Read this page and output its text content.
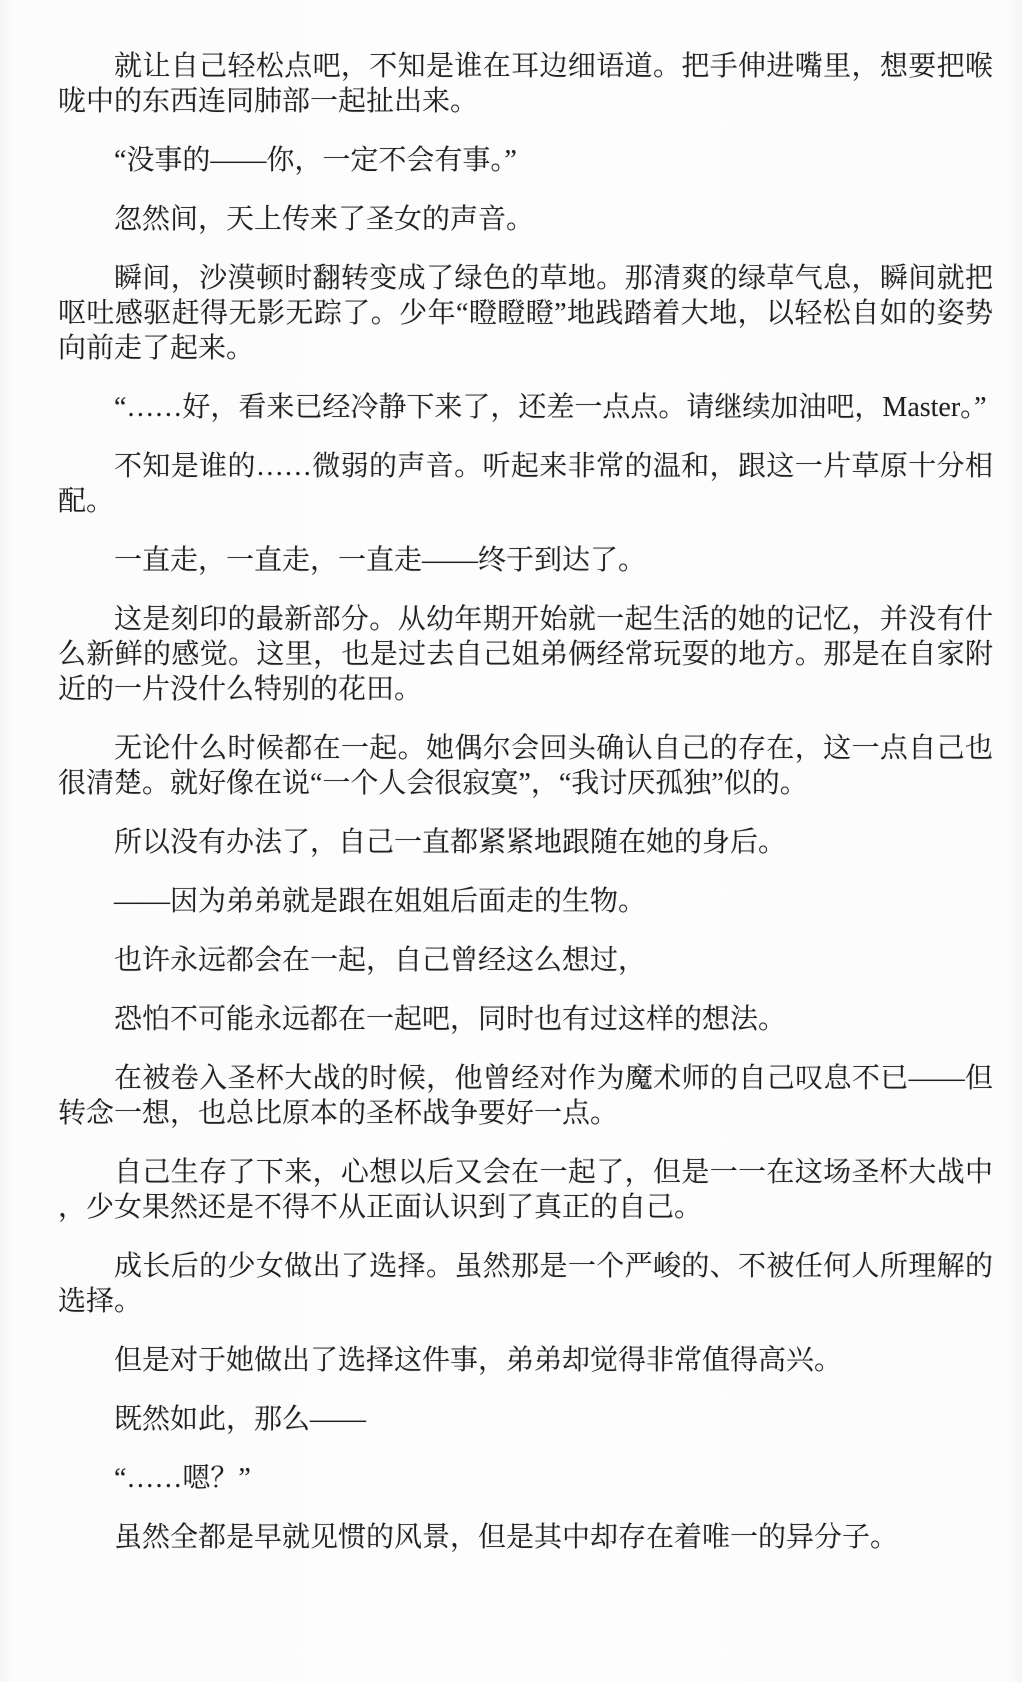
就让自己轻松点吧，不知是谁在耳边细语道。把手伸进嘴里，想要把喉咙中的东西连同肺部一起扯出来。

“没事的——你，一定不会有事。”

忽然间，天上传来了圣女的声音。

瞬间，沙漠顿时翻转变成了绿色的草地。那清爽的绿草气息，瞬间就把呕吐感驱赶得无影无踪了。少年“瞪瞪瞪”地践踏着大地，以轻松自如的姿势向前走了起来。

“……好，看来已经冷静下来了，还差一点点。请继续加油吧，Master。”

不知是谁的……微弱的声音。听起来非常的温和，跟这一片草原十分相配。

一直走，一直走，一直走——终于到达了。

这是刻印的最新部分。从幼年期开始就一起生活的她的记忆，并没有什么新鲜的感觉。这里，也是过去自己姐弟俩经常玩耍的地方。那是在自家附近的一片没什么特别的花田。

无论什么时候都在一起。她偶尔会回头确认自己的存在，这一点自己也很清楚。就好像在说“一个人会很寂寞”，“我讨厌孤独”似的。

所以没有办法了，自己一直都紧紧地跟随在她的身后。

——因为弟弟就是跟在姐姐后面走的生物。

也许永远都会在一起，自己曾经这么想过，

恐怕不可能永远都在一起吧，同时也有过这样的想法。

在被卷入圣杯大战的时候，他曾经对作为魔术师的自己叹息不已——但转念一想，也总比原本的圣杯战争要好一点。

自己生存了下来，心想以后又会在一起了，但是一一在这场圣杯大战中，少女果然还是不得不从正面认识到了真正的自己。

成长后的少女做出了选择。虽然那是一个严峻的、不被任何人所理解的选择。

但是对于她做出了选择这件事，弟弟却觉得非常值得高兴。

既然如此，那么——

“……嗯？”

虽然全都是早就见惯的风景，但是其中却存在着唯一的异分子。
